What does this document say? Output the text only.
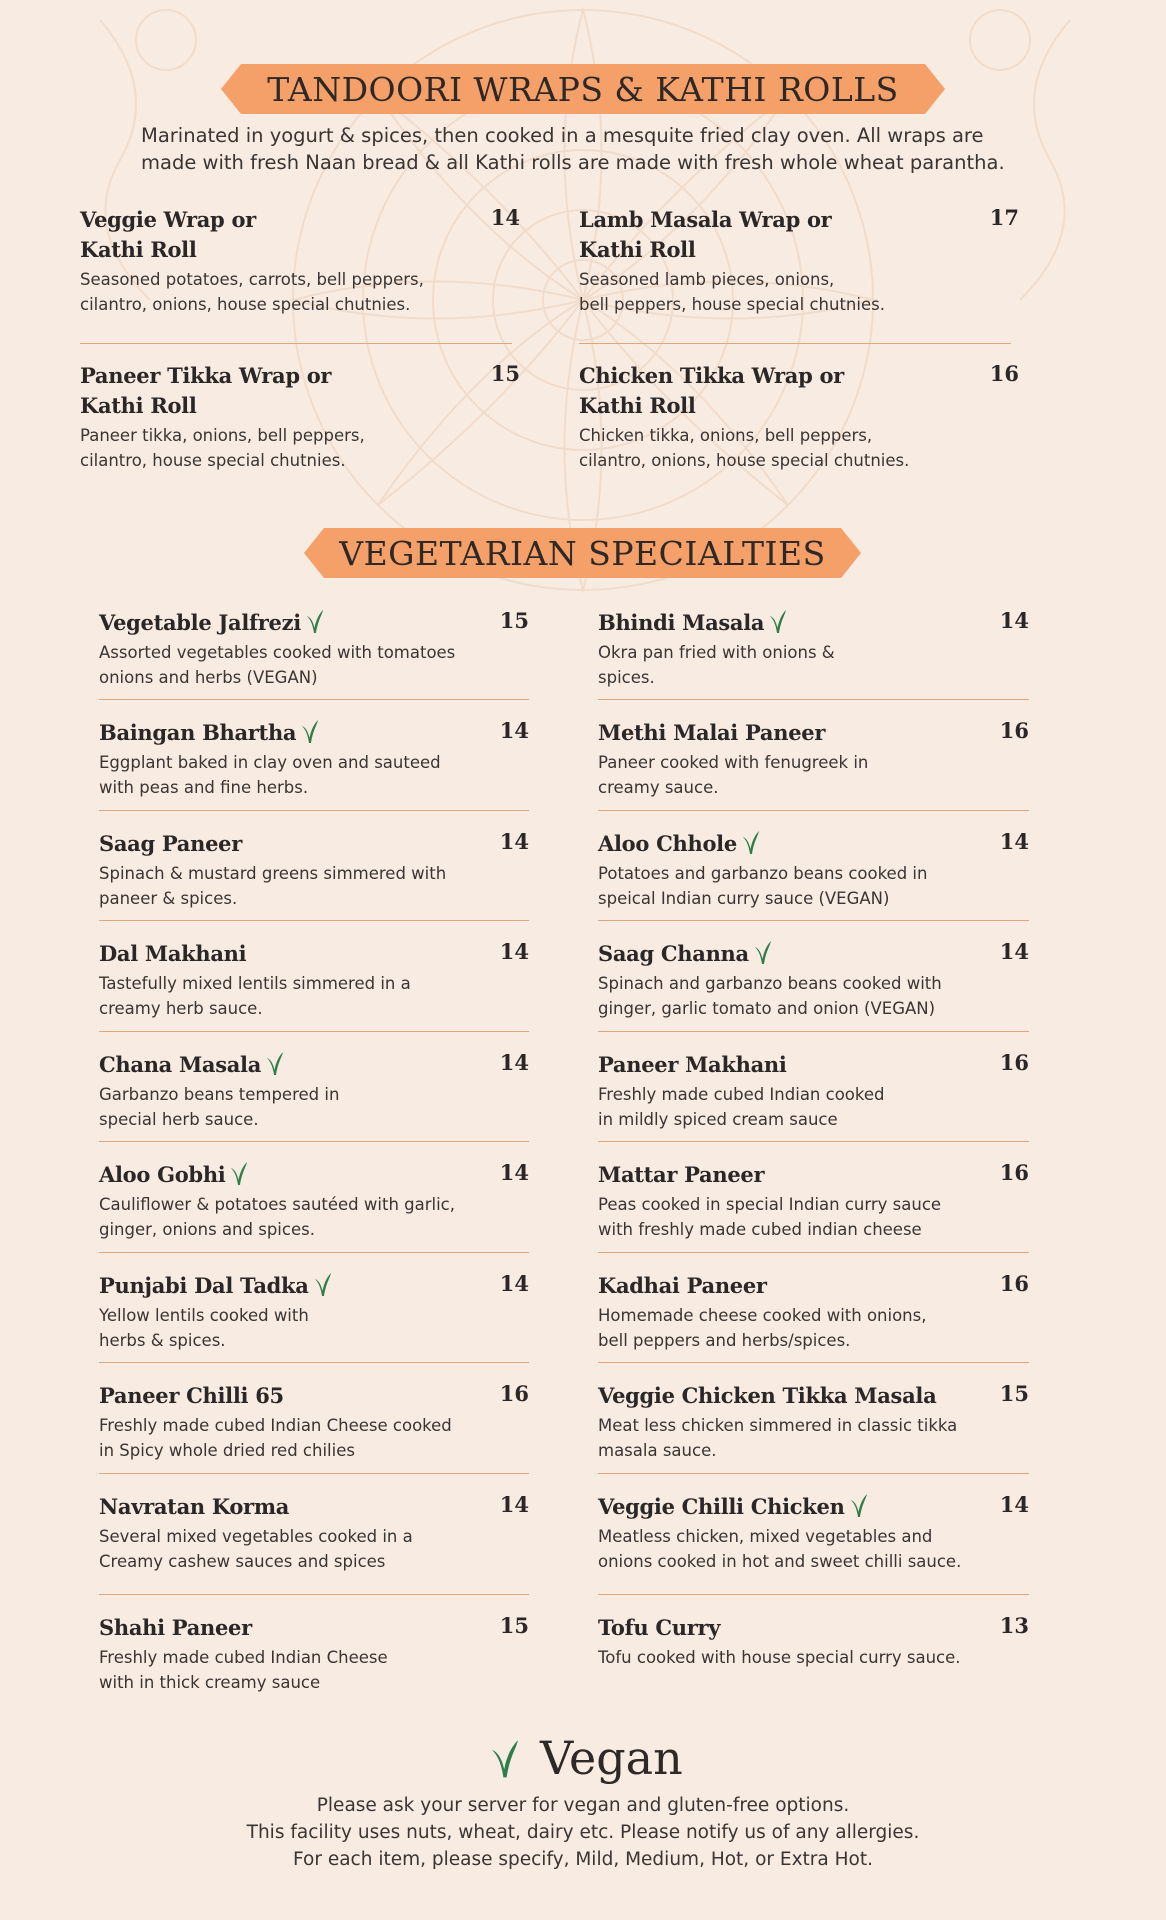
TANDOORI WRAPS & KATHI ROLLS
Marinated in yogurt & spices, then cooked in a mesquite fried clay oven. All wraps are
made with fresh Naan bread & all Kathi rolls are made with fresh whole wheat parantha.
Veggie Wrap or
Kathi Roll
14
Seasoned potatoes, carrots, bell peppers,
cilantro, onions, house special chutnies.
Lamb Masala Wrap or
Kathi Roll
17
Seasoned lamb pieces, onions,
bell peppers, house special chutnies.
Paneer Tikka Wrap or
Kathi Roll
15
Paneer tikka, onions, bell peppers,
cilantro, house special chutnies.
Chicken Tikka Wrap or
Kathi Roll
16
Chicken tikka, onions, bell peppers,
cilantro, onions, house special chutnies.
VEGETARIAN SPECIALTIES
Vegetable Jalfrezi	15
Assorted vegetables cooked with tomatoes
onions and herbs (VEGAN)
Baingan Bhartha	14
Eggplant baked in clay oven and sauteed
with peas and fine herbs.
Saag Paneer	14
Spinach & mustard greens simmered with
paneer & spices.
Dal Makhani	14
Tastefully mixed lentils simmered in a
creamy herb sauce.
Chana Masala	14
Garbanzo beans tempered in
special herb sauce.
Aloo Gobhi	14
Cauliflower & potatoes sautéed with garlic,
ginger, onions and spices.
Punjabi Dal Tadka	14
Yellow lentils cooked with
herbs & spices.
Paneer Chilli 65	16
Freshly made cubed Indian Cheese cooked
in Spicy whole dried red chilies
Navratan Korma	14
Several mixed vegetables cooked in a
Creamy cashew sauces and spices
Shahi Paneer	15
Freshly made cubed Indian Cheese
with in thick creamy sauce
Bhindi Masala	14
Okra pan fried with onions &
spices.
Methi Malai Paneer	16
Paneer cooked with fenugreek in
creamy sauce.
Aloo Chhole	14
Potatoes and garbanzo beans cooked in
speical Indian curry sauce (VEGAN)
Saag Channa	14
Spinach and garbanzo beans cooked with
ginger, garlic tomato and onion (VEGAN)
Paneer Makhani	16
Freshly made cubed Indian cooked
in mildly spiced cream sauce
Mattar Paneer	16
Peas cooked in special Indian curry sauce
with freshly made cubed indian cheese
Kadhai Paneer	16
Homemade cheese cooked with onions,
bell peppers and herbs/spices.
Veggie Chicken Tikka Masala	15
Meat less chicken simmered in classic tikka
masala sauce.
Veggie Chilli Chicken	14
Meatless chicken, mixed vegetables and
onions cooked in hot and sweet chilli sauce.
Tofu Curry	13
Tofu cooked with house special curry sauce.
Vegan
Please ask your server for vegan and gluten-free options.
This facility uses nuts, wheat, dairy etc. Please notify us of any allergies.
For each item, please specify, Mild, Medium, Hot, or Extra Hot.
